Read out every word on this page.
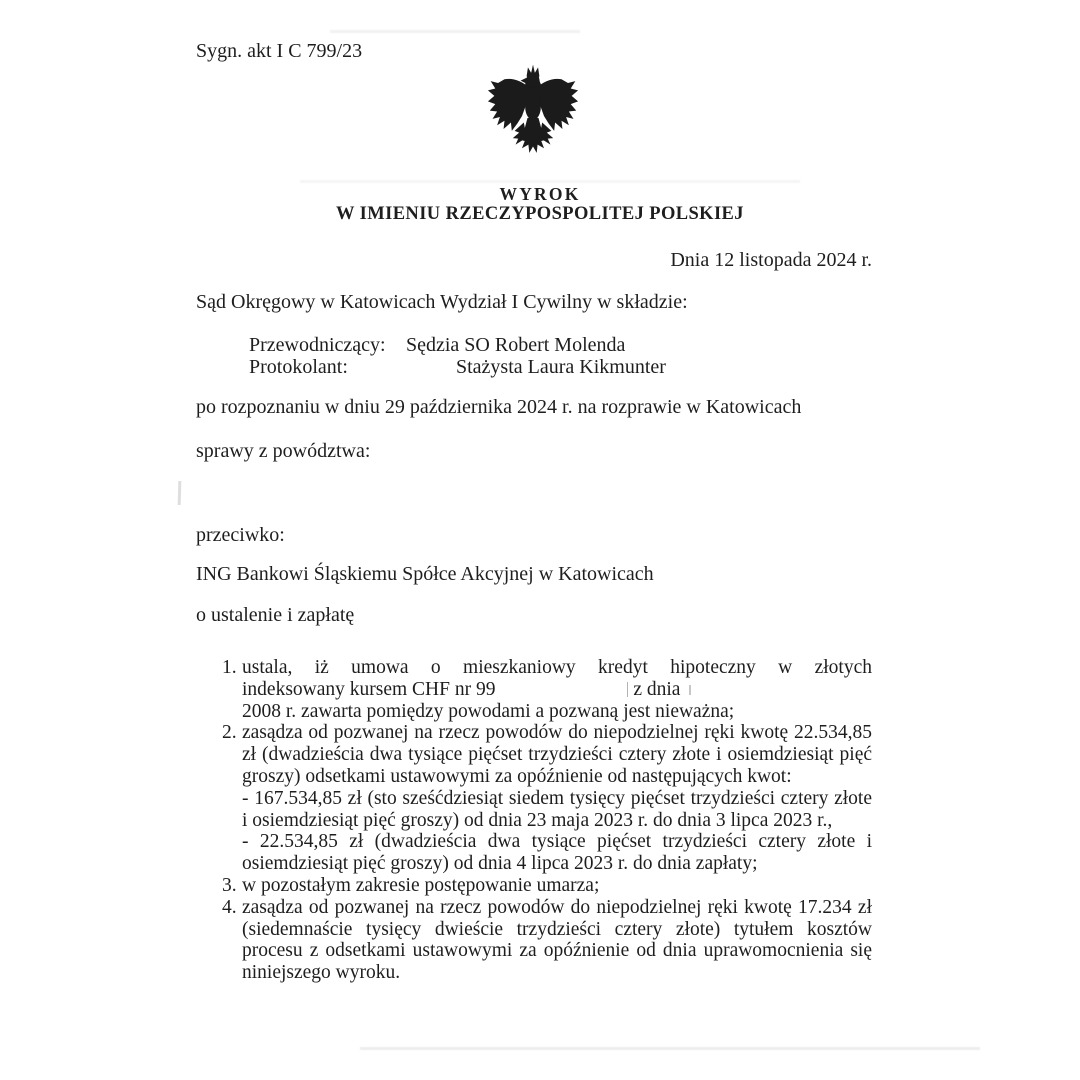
Sygn. akt I C 799/23
WYROK
W IMIENIU RZECZYPOSPOLITEJ POLSKIEJ
Dnia 12 listopada 2024 r.
Sąd Okręgowy w Katowicach Wydział I Cywilny w składzie:
Przewodniczący: Sędzia SO Robert Molenda
Protokolant:	Stażysta Laura Kikmunter
po rozpoznaniu w dniu 29 października 2024 r. na rozprawie w Katowicach
sprawy z powództwa:
przeciwko:
ING Bankowi Śląskiemu Spółce Akcyjnej w Katowicach
o ustalenie i zapłatę
1. ustala, iż umowa o mieszkaniowy kredyt hipoteczny w złotych
indeksowany kursem CHF nr 99	z dnia
2008 r. zawarta pomiędzy powodami a pozwaną jest nieważna;
2. zasądza od pozwanej na rzecz powodów do niepodzielnej ręki kwotę 22.534,85 zł (dwadzieścia dwa tysiące pięćset trzydzieści cztery złote i osiemdziesiąt pięć groszy) odsetkami ustawowymi za opóźnienie od następujących kwot:
- 167.534,85 zł (sto sześćdziesiąt siedem tysięcy pięćset trzydzieści cztery złote i osiemdziesiąt pięć groszy) od dnia 23 maja 2023 r. do dnia 3 lipca 2023 r.,
- 22.534,85 zł (dwadzieścia dwa tysiące pięćset trzydzieści cztery złote i osiemdziesiąt pięć groszy) od dnia 4 lipca 2023 r. do dnia zapłaty;
3. w pozostałym zakresie postępowanie umarza;
4. zasądza od pozwanej na rzecz powodów do niepodzielnej ręki kwotę 17.234 zł (siedemnaście tysięcy dwieście trzydzieści cztery złote) tytułem kosztów procesu z odsetkami ustawowymi za opóźnienie od dnia uprawomocnienia się niniejszego wyroku.
